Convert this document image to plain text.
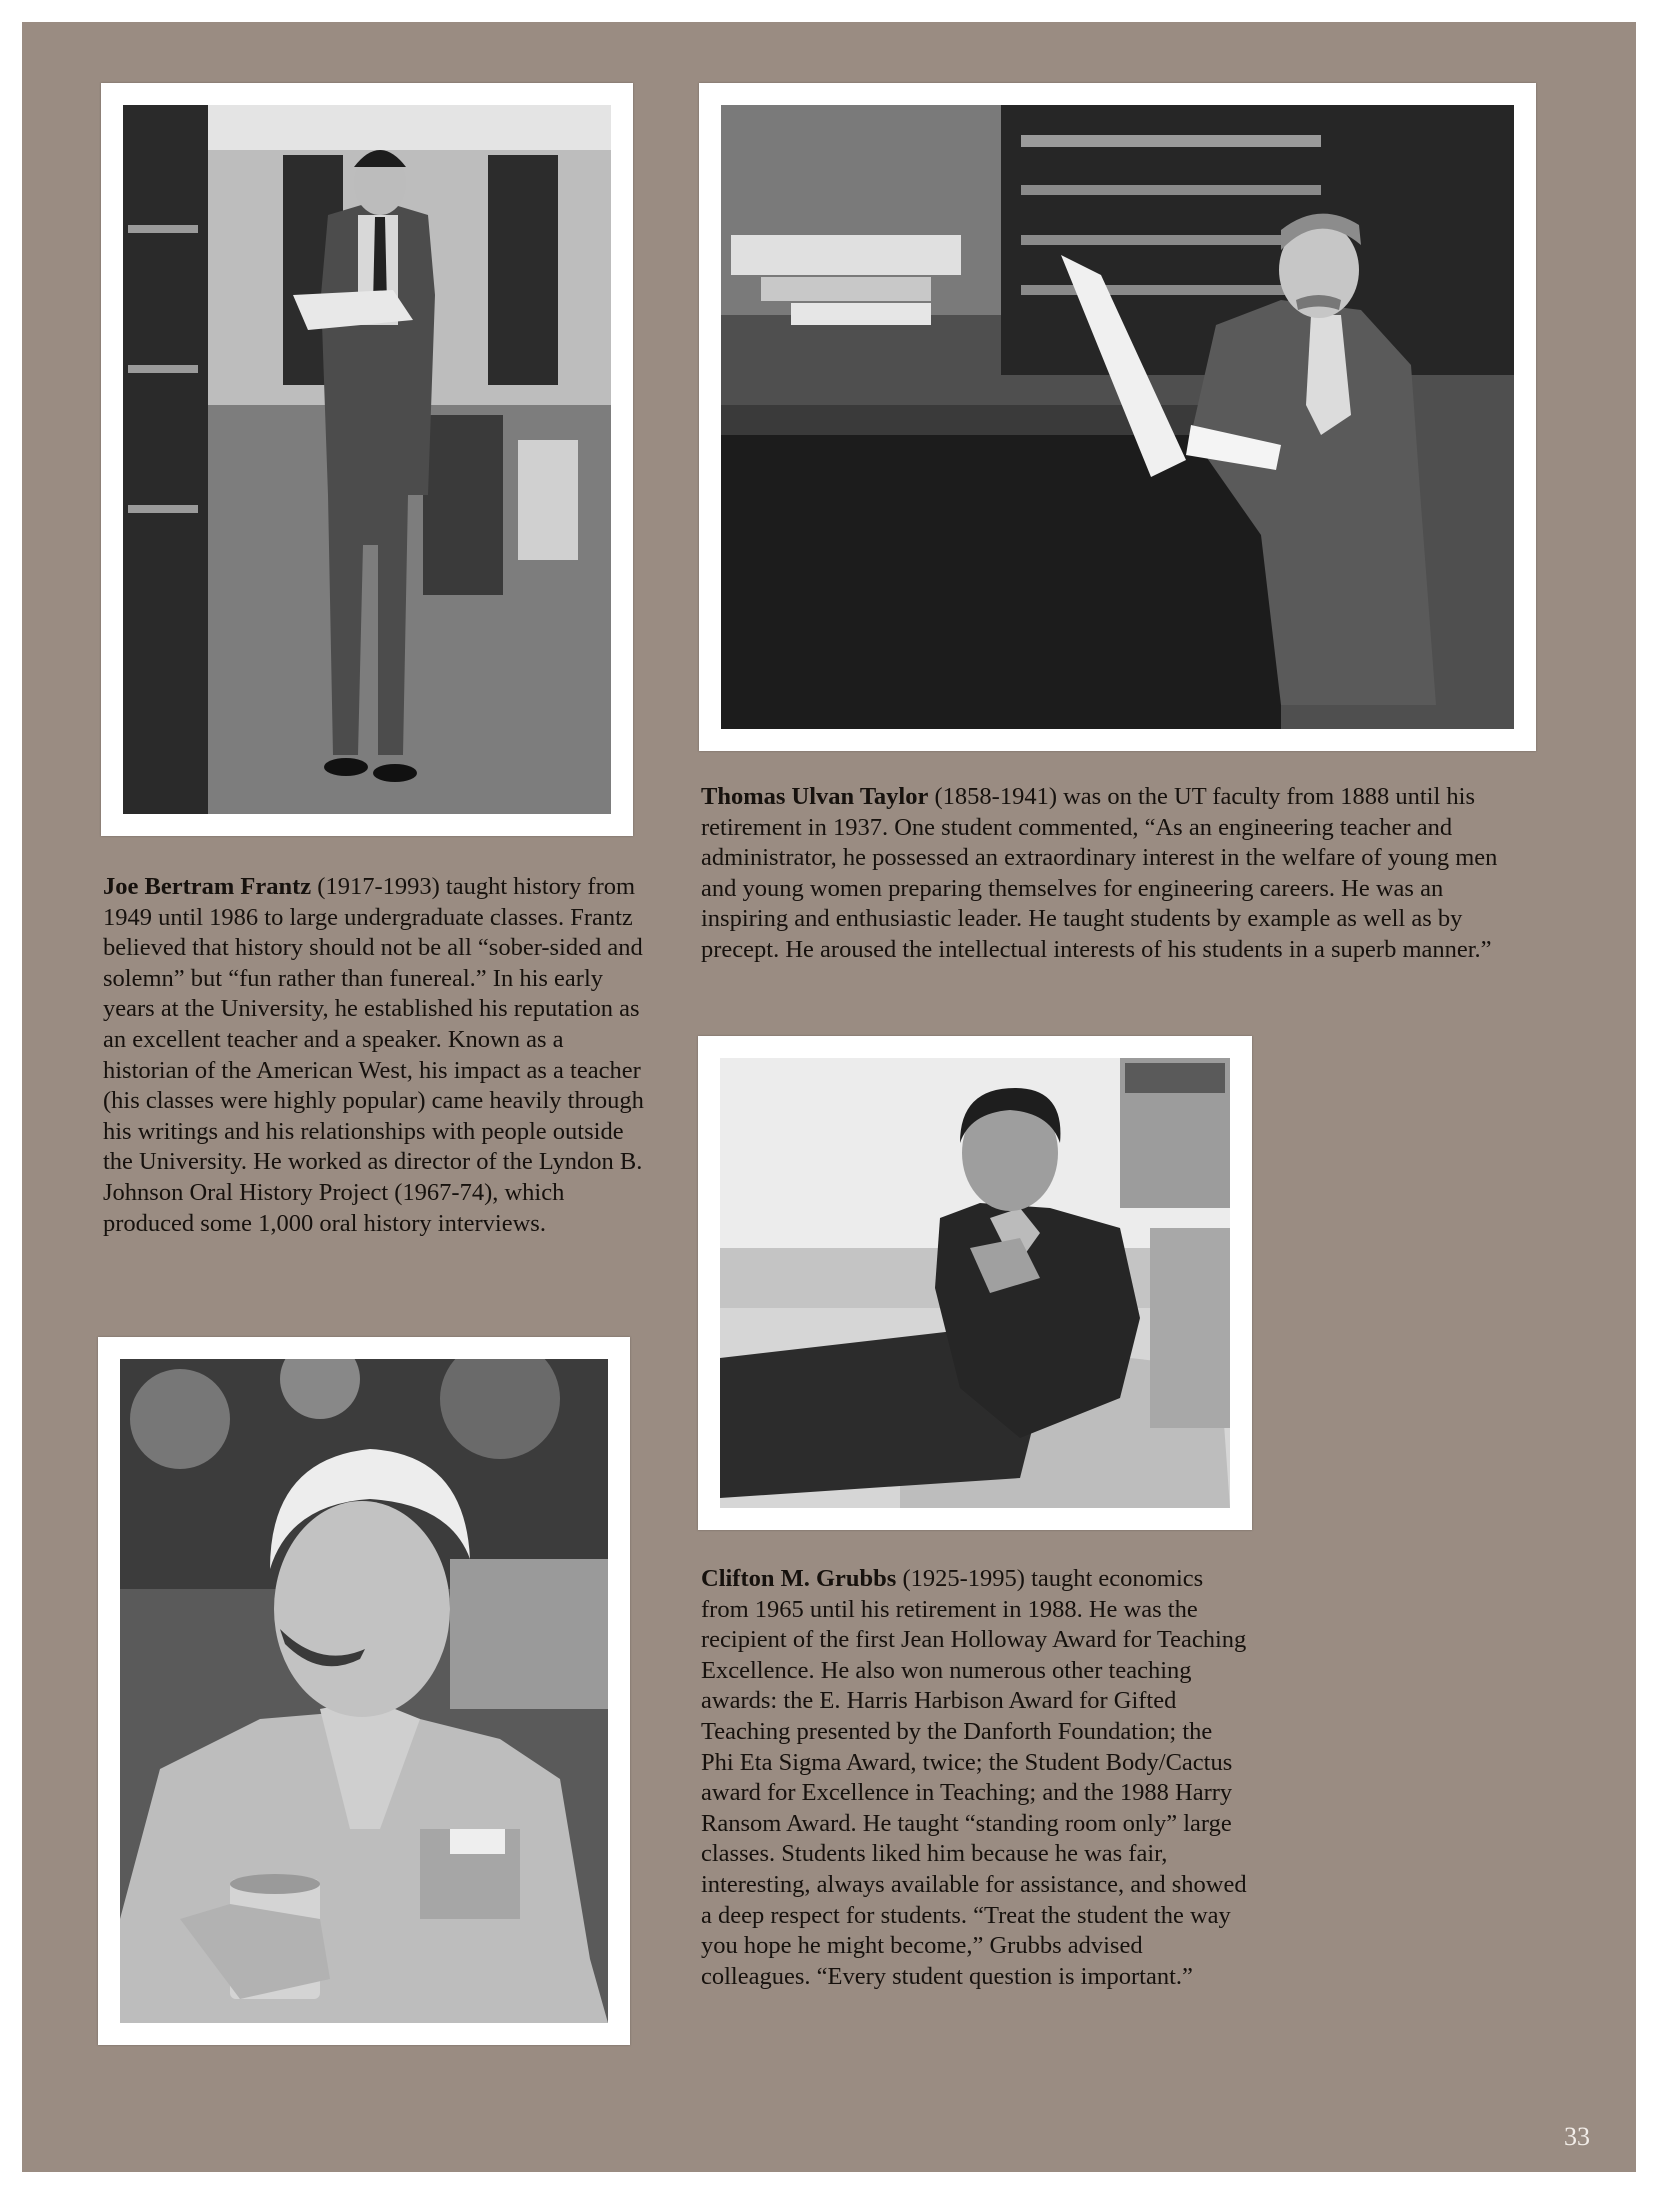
Joe Bertram Frantz (1917-1993) taught history from 1949 until 1986 to large undergraduate classes. Frantz believed that history should not be all “sober-sided and solemn” but “fun rather than funereal.” In his early years at the University, he established his reputation as an excellent teacher and a speaker. Known as a historian of the American West, his impact as a teacher (his classes were highly popular) came heavily through his writings and his relationships with people outside the University. He worked as director of the Lyndon B. Johnson Oral History Project (1967-74), which produced some 1,000 oral history interviews.
Thomas Ulvan Taylor (1858-1941) was on the UT faculty from 1888 until his retirement in 1937. One student commented, “As an engineering teacher and administrator, he possessed an extraordinary interest in the welfare of young men and young women preparing themselves for engineering careers. He was an inspiring and enthusiastic leader. He taught students by example as well as by precept. He aroused the intellectual interests of his students in a superb manner.”
Clifton M. Grubbs (1925-1995) taught economics from 1965 until his retirement in 1988. He was the recipient of the first Jean Holloway Award for Teaching Excellence. He also won numerous other teaching awards: the E. Harris Harbison Award for Gifted Teaching presented by the Danforth Foundation; the Phi Eta Sigma Award, twice; the Student Body/Cactus award for Excellence in Teaching; and the 1988 Harry Ransom Award. He taught “standing room only” large classes. Students liked him because he was fair, interesting, always available for assistance, and showed a deep respect for students. “Treat the student the way you hope he might become,” Grubbs advised colleagues. “Every student question is important.”
33
